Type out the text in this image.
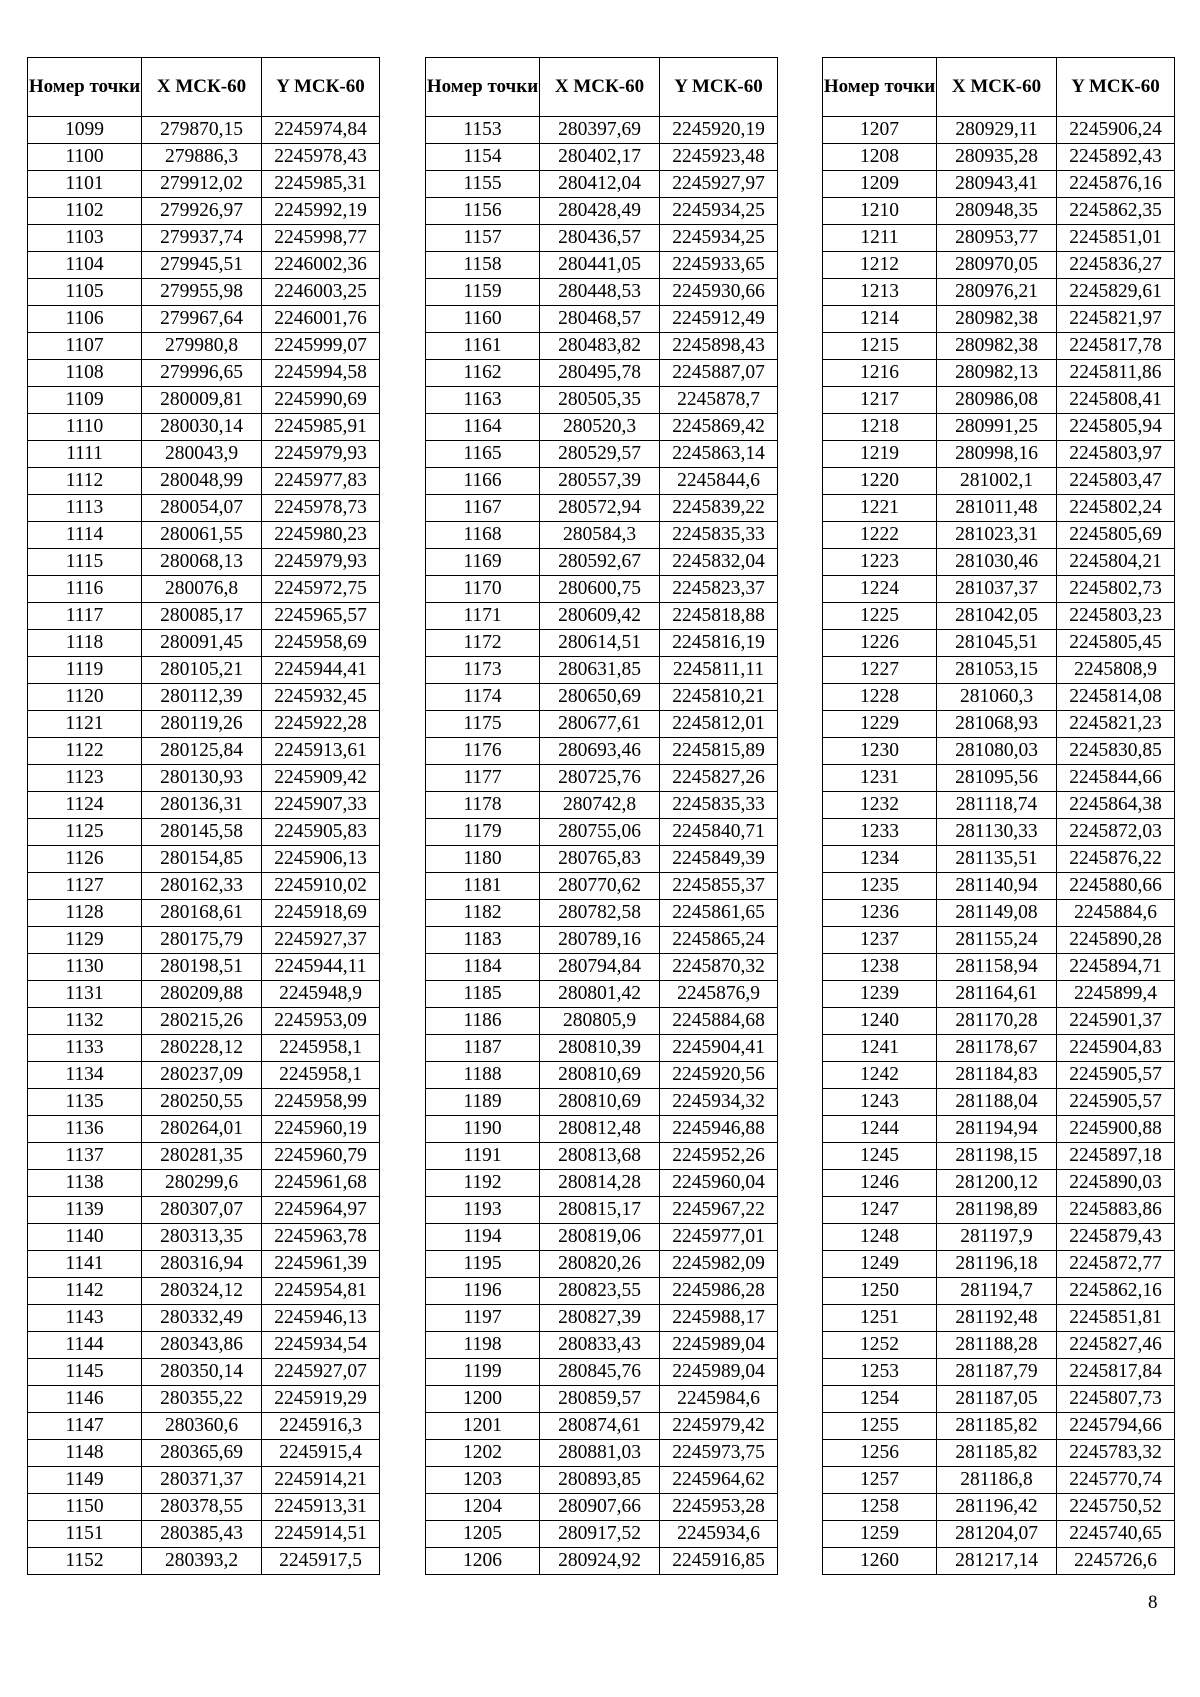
Номер точки	X МСК-60	Y МСК-60
1099	279870,15	2245974,84
1100	279886,3	2245978,43
1101	279912,02	2245985,31
1102	279926,97	2245992,19
1103	279937,74	2245998,77
1104	279945,51	2246002,36
1105	279955,98	2246003,25
1106	279967,64	2246001,76
1107	279980,8	2245999,07
1108	279996,65	2245994,58
1109	280009,81	2245990,69
1110	280030,14	2245985,91
1111	280043,9	2245979,93
1112	280048,99	2245977,83
1113	280054,07	2245978,73
1114	280061,55	2245980,23
1115	280068,13	2245979,93
1116	280076,8	2245972,75
1117	280085,17	2245965,57
1118	280091,45	2245958,69
1119	280105,21	2245944,41
1120	280112,39	2245932,45
1121	280119,26	2245922,28
1122	280125,84	2245913,61
1123	280130,93	2245909,42
1124	280136,31	2245907,33
1125	280145,58	2245905,83
1126	280154,85	2245906,13
1127	280162,33	2245910,02
1128	280168,61	2245918,69
1129	280175,79	2245927,37
1130	280198,51	2245944,11
1131	280209,88	2245948,9
1132	280215,26	2245953,09
1133	280228,12	2245958,1
1134	280237,09	2245958,1
1135	280250,55	2245958,99
1136	280264,01	2245960,19
1137	280281,35	2245960,79
1138	280299,6	2245961,68
1139	280307,07	2245964,97
1140	280313,35	2245963,78
1141	280316,94	2245961,39
1142	280324,12	2245954,81
1143	280332,49	2245946,13
1144	280343,86	2245934,54
1145	280350,14	2245927,07
1146	280355,22	2245919,29
1147	280360,6	2245916,3
1148	280365,69	2245915,4
1149	280371,37	2245914,21
1150	280378,55	2245913,31
1151	280385,43	2245914,51
1152	280393,2	2245917,5
Номер точки	X МСК-60	Y МСК-60
1153	280397,69	2245920,19
1154	280402,17	2245923,48
1155	280412,04	2245927,97
1156	280428,49	2245934,25
1157	280436,57	2245934,25
1158	280441,05	2245933,65
1159	280448,53	2245930,66
1160	280468,57	2245912,49
1161	280483,82	2245898,43
1162	280495,78	2245887,07
1163	280505,35	2245878,7
1164	280520,3	2245869,42
1165	280529,57	2245863,14
1166	280557,39	2245844,6
1167	280572,94	2245839,22
1168	280584,3	2245835,33
1169	280592,67	2245832,04
1170	280600,75	2245823,37
1171	280609,42	2245818,88
1172	280614,51	2245816,19
1173	280631,85	2245811,11
1174	280650,69	2245810,21
1175	280677,61	2245812,01
1176	280693,46	2245815,89
1177	280725,76	2245827,26
1178	280742,8	2245835,33
1179	280755,06	2245840,71
1180	280765,83	2245849,39
1181	280770,62	2245855,37
1182	280782,58	2245861,65
1183	280789,16	2245865,24
1184	280794,84	2245870,32
1185	280801,42	2245876,9
1186	280805,9	2245884,68
1187	280810,39	2245904,41
1188	280810,69	2245920,56
1189	280810,69	2245934,32
1190	280812,48	2245946,88
1191	280813,68	2245952,26
1192	280814,28	2245960,04
1193	280815,17	2245967,22
1194	280819,06	2245977,01
1195	280820,26	2245982,09
1196	280823,55	2245986,28
1197	280827,39	2245988,17
1198	280833,43	2245989,04
1199	280845,76	2245989,04
1200	280859,57	2245984,6
1201	280874,61	2245979,42
1202	280881,03	2245973,75
1203	280893,85	2245964,62
1204	280907,66	2245953,28
1205	280917,52	2245934,6
1206	280924,92	2245916,85
Номер точки	X МСК-60	Y МСК-60
1207	280929,11	2245906,24
1208	280935,28	2245892,43
1209	280943,41	2245876,16
1210	280948,35	2245862,35
1211	280953,77	2245851,01
1212	280970,05	2245836,27
1213	280976,21	2245829,61
1214	280982,38	2245821,97
1215	280982,38	2245817,78
1216	280982,13	2245811,86
1217	280986,08	2245808,41
1218	280991,25	2245805,94
1219	280998,16	2245803,97
1220	281002,1	2245803,47
1221	281011,48	2245802,24
1222	281023,31	2245805,69
1223	281030,46	2245804,21
1224	281037,37	2245802,73
1225	281042,05	2245803,23
1226	281045,51	2245805,45
1227	281053,15	2245808,9
1228	281060,3	2245814,08
1229	281068,93	2245821,23
1230	281080,03	2245830,85
1231	281095,56	2245844,66
1232	281118,74	2245864,38
1233	281130,33	2245872,03
1234	281135,51	2245876,22
1235	281140,94	2245880,66
1236	281149,08	2245884,6
1237	281155,24	2245890,28
1238	281158,94	2245894,71
1239	281164,61	2245899,4
1240	281170,28	2245901,37
1241	281178,67	2245904,83
1242	281184,83	2245905,57
1243	281188,04	2245905,57
1244	281194,94	2245900,88
1245	281198,15	2245897,18
1246	281200,12	2245890,03
1247	281198,89	2245883,86
1248	281197,9	2245879,43
1249	281196,18	2245872,77
1250	281194,7	2245862,16
1251	281192,48	2245851,81
1252	281188,28	2245827,46
1253	281187,79	2245817,84
1254	281187,05	2245807,73
1255	281185,82	2245794,66
1256	281185,82	2245783,32
1257	281186,8	2245770,74
1258	281196,42	2245750,52
1259	281204,07	2245740,65
1260	281217,14	2245726,6
8
